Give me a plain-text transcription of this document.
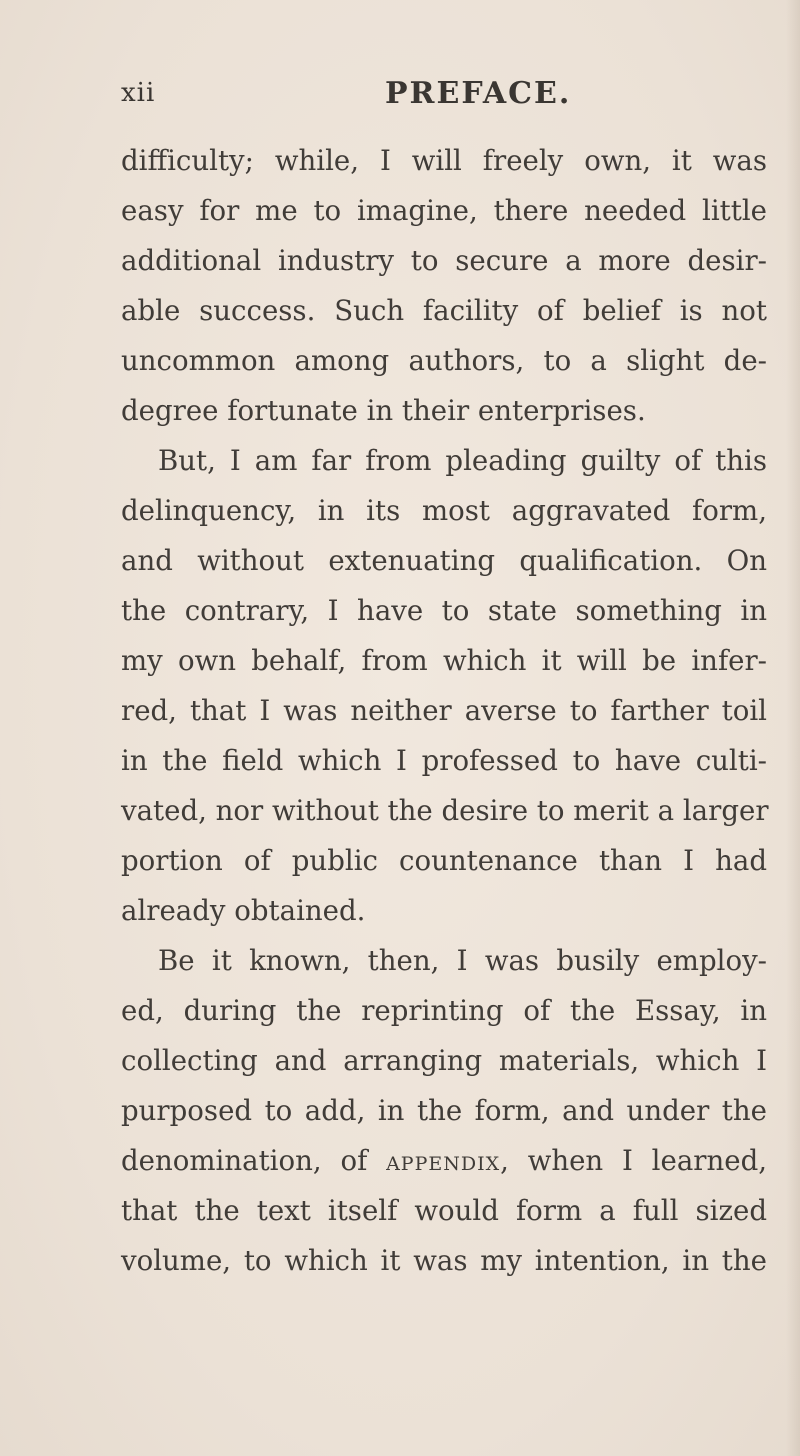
xii	PREFACE.
difficulty; while, I will freely own, it was
easy for me to imagine, there needed little
additional industry to secure a more desir-
able success. Such facility of belief is not
uncommon among authors, to a slight de-
degree fortunate in their enterprises.
But, I am far from pleading guilty of this
delinquency, in its most aggravated form,
and without extenuating qualification. On
the contrary, I have to state something in
my own behalf, from which it will be infer-
red, that I was neither averse to farther toil
in the field which I professed to have culti-
vated, nor without the desire to merit a larger
portion of public countenance than I had
already obtained.
Be it known, then, I was busily employ-
ed, during the reprinting of the Essay, in
collecting and arranging materials, which I
purposed to add, in the form, and under the
denomination, of appendix, when I learned,
that the text itself would form a full sized
volume, to which it was my intention, in the
